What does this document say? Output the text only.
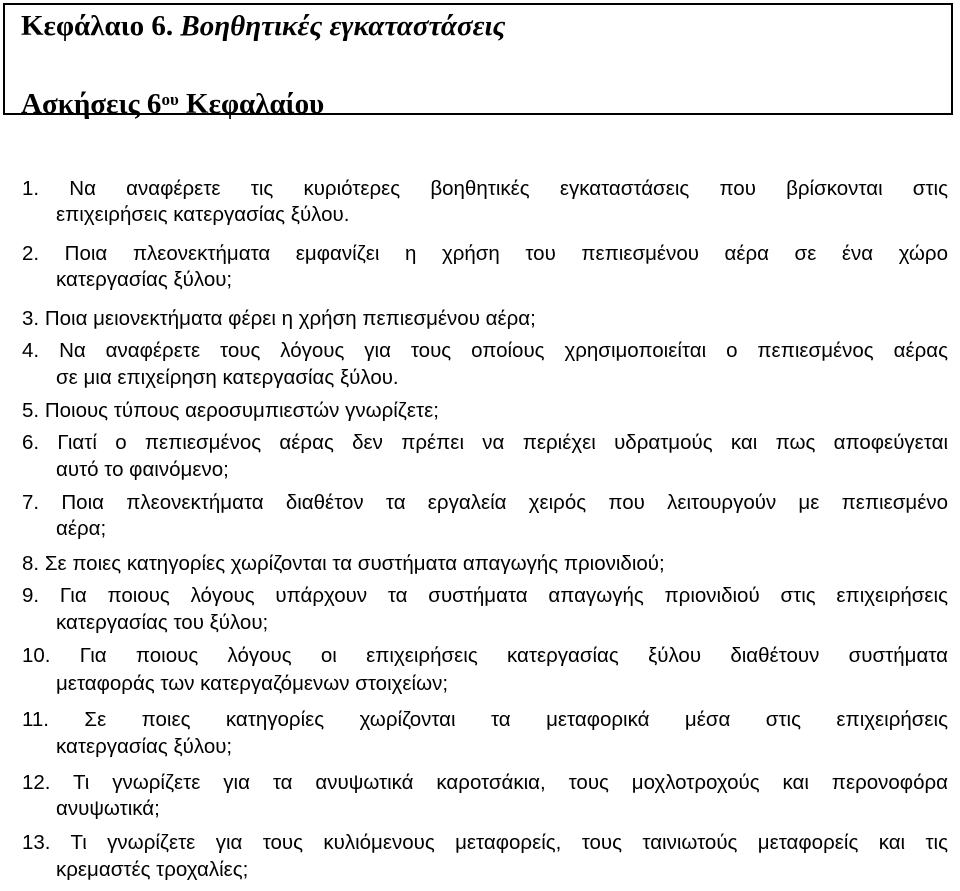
Κεφάλαιο 6. Βοηθητικές εγκαταστάσεις
Ασκήσεις $6^{o\upsilon}$ Κεφαλαίου
1. Να αναφέρετε τις κυριότερες βοηθητικές εγκαταστάσεις που βρίσκονται στις
επιχειρήσεις κατεργασίας ξύλου.
2. Ποια πλεονεκτήματα εμφανίζει η χρήση του πεπιεσμένου αέρα σε ένα χώρο
κατεργασίας ξύλου;
3. Ποια μειονεκτήματα φέρει η χρήση πεπιεσμένου αέρα;
4. Να αναφέρετε τους λόγους για τους οποίους χρησιμοποιείται ο πεπιεσμένος αέρας
σε μια επιχείρηση κατεργασίας ξύλου.
5. Ποιους τύπους αεροσυμπιεστών γνωρίζετε;
6. Γιατί ο πεπιεσμένος αέρας δεν πρέπει να περιέχει υδρατμούς και πως αποφεύγεται
αυτό το φαινόμενο;
7. Ποια πλεονεκτήματα διαθέτον τα εργαλεία χειρός που λειτουργούν με πεπιεσμένο
αέρα;
8. Σε ποιες κατηγορίες χωρίζονται τα συστήματα απαγωγής πριονιδιού;
9. Για ποιους λόγους υπάρχουν τα συστήματα απαγωγής πριονιδιού στις επιχειρήσεις
κατεργασίας του ξύλου;
10. Για ποιους λόγους οι επιχειρήσεις κατεργασίας ξύλου διαθέτουν συστήματα
μεταφοράς των κατεργαζόμενων στοιχείων;
11. Σε ποιες κατηγορίες χωρίζονται τα μεταφορικά μέσα στις επιχειρήσεις
κατεργασίας ξύλου;
12. Τι γνωρίζετε για τα ανυψωτικά καροτσάκια, τους μοχλοτροχούς και περονοφόρα
ανυψωτικά;
13. Τι γνωρίζετε για τους κυλιόμενους μεταφορείς, τους ταινιωτούς μεταφορείς και τις
κρεμαστές τροχαλίες;
